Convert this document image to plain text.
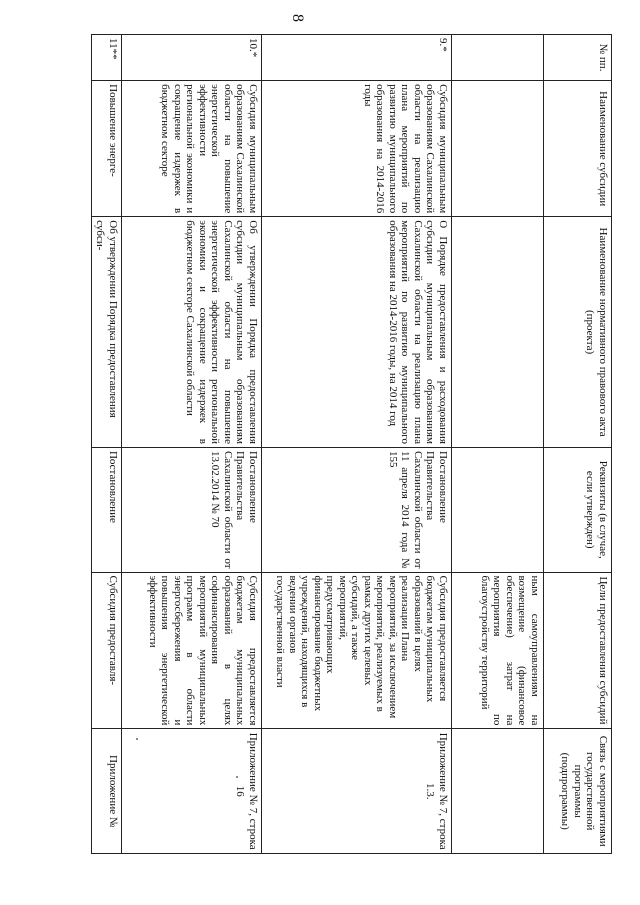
8
№ пп.	Наименование субсидии	Наименование нормативного правового акта (проекта)	Реквизиты (в случае, если утвержден)	Цели предоставления субсидий	Связь с мероприятиями государственной программы (подпрограммы)
				ным самоуправлениям на возмещение (финансовое обеспечение) затрат на мероприятия по благоустройству территорий	
9.*	Субсидия муниципальным образованиям Сахалинской области на реализацию плана мероприятий по развитию муниципального образования на 2014-2016 годы	О Порядке предоставления и расходования субсидии муниципальным образованиям Сахалинской области на реализацию плана мероприятий по развитию муниципального образования на 2014-2016 годы, на 2014 год	Постановление Правительства Сахалинской области от 11 апреля 2014 года № 155	Субсидия предоставляется бюджетам муниципальных образований в целях реализации Плана мероприятий, за исключением мероприятий, реализуемых в рамках других целевых субсидий, а также мероприятий, предусматривающих финансирование бюджетных учреждений, находящихся в ведении органов государственной власти	Приложение № 7, строка 1.3.
10.*	Субсидия муниципальным образованиям Сахалинской области на повышение энергетической эффективности региональной экономики и сокращение издержек в бюджетном секторе	Об утверждении Порядка предоставления субсидии муниципальным образованиям Сахалинской области на повышение энергетической эффективности региональной экономики и сокращение издержек в бюджетном секторе Сахалинской области	Постановление Правительства Сахалинской области от 13.02.2014 № 70	Субсидия предоставляется бюджетам муниципальных образований в целях софинансирования мероприятий муниципальных программ в области энергосбережения и повышения энергетической эффективности	Приложение № 7, строка 16
11**	Повышение энерге-	Об утверждении Порядка предоставления субси-	Постановление	Субсидия предоставля-	Приложение №
